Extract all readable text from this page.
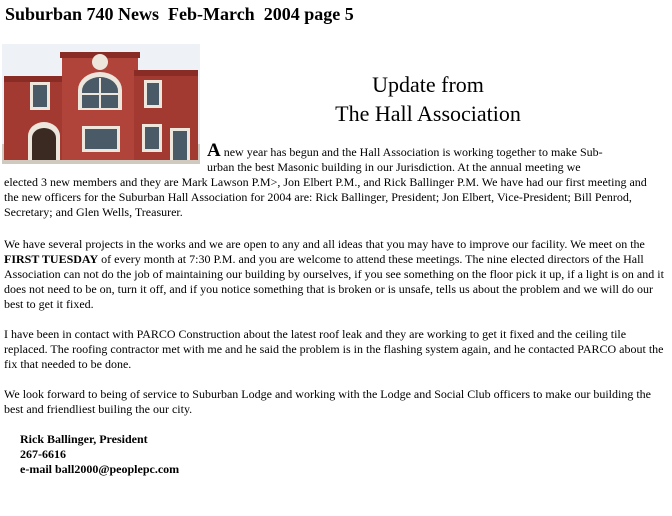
Suburban 740 News  Feb-March  2004 page 5
Update from
The Hall Association
A new year has begun and the Hall Association is working together to make Sub-
urban the best Masonic building in our Jurisdiction. At the annual meeting we
elected 3 new members and they are Mark Lawson P.M>, Jon Elbert P.M., and Rick Ballinger P.M. We have had our first meeting and the new officers for the Suburban Hall Association for 2004 are: Rick Ballinger, President; Jon Elbert, Vice-President; Bill Penrod, Secretary; and Glen Wells, Treasurer.

We have several projects in the works and we are open to any and all ideas that you may have to improve our facility. We meet on the FIRST TUESDAY of every month at 7:30 P.M. and you are welcome to attend these meetings. The nine elected directors of the Hall Association can not do the job of maintaining our building by ourselves, if you see something on the floor pick it up, if a light is on and it does not need to be on, turn it off, and if you notice something that is broken or is unsafe, tells us about the problem and we will do our best to get it fixed.

I have been in contact with PARCO Construction about the latest roof leak and they are working to get it fixed and the ceiling tile replaced. The roofing contractor met with me and he said the problem is in the flashing system again, and he contacted PARCO about the fix that needed to be done.

We look forward to being of service to Suburban Lodge and working with the Lodge and Social Club officers to make our building the best and friendliest builing the our city.

Rick Ballinger, President
267-6616
e-mail ball2000@peoplepc.com
